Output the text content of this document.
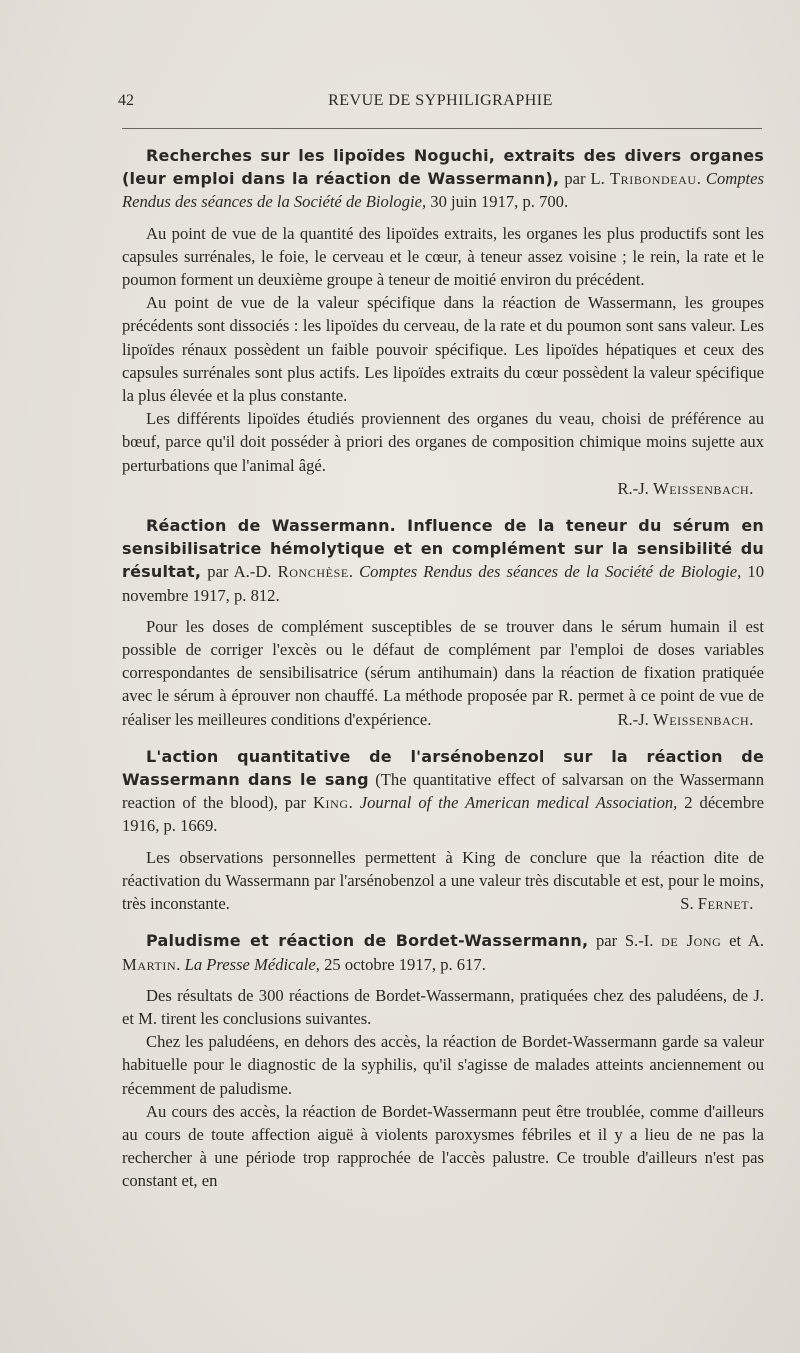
42	REVUE DE SYPHILIGRAPHIE
Recherches sur les lipoïdes Noguchi, extraits des divers organes (leur emploi dans la réaction de Wassermann), par L. Tribondeau. Comptes Rendus des séances de la Société de Biologie, 30 juin 1917, p. 700.

Au point de vue de la quantité des lipoïdes extraits, les organes les plus productifs sont les capsules surrénales, le foie, le cerveau et le cœur, à teneur assez voisine ; le rein, la rate et le poumon forment un deuxième groupe à teneur de moitié environ du précédent.

Au point de vue de la valeur spécifique dans la réaction de Wassermann, les groupes précédents sont dissociés : les lipoïdes du cerveau, de la rate et du poumon sont sans valeur. Les lipoïdes rénaux possèdent un faible pouvoir spécifique. Les lipoïdes hépatiques et ceux des capsules surrénales sont plus actifs. Les lipoïdes extraits du cœur possèdent la valeur spécifique la plus élevée et la plus constante.

Les différents lipoïdes étudiés proviennent des organes du veau, choisi de préférence au bœuf, parce qu'il doit posséder à priori des organes de composition chimique moins sujette aux perturbations que l'animal âgé.

R.-J. Weissenbach.
Réaction de Wassermann. Influence de la teneur du sérum en sensibilisatrice hémolytique et en complément sur la sensibilité du résultat, par A.-D. Ronchèse. Comptes Rendus des séances de la Société de Biologie, 10 novembre 1917, p. 812.

Pour les doses de complément susceptibles de se trouver dans le sérum humain il est possible de corriger l'excès ou le défaut de complément par l'emploi de doses variables correspondantes de sensibilisatrice (sérum antihumain) dans la réaction de fixation pratiquée avec le sérum à éprouver non chauffé. La méthode proposée par R. permet à ce point de vue de réaliser les meilleures conditions d'expérience.	R.-J. Weissenbach.

L'action quantitative de l'arsénobenzol sur la réaction de Wassermann dans le sang (The quantitative effect of salvarsan on the Wassermann reaction of the blood), par King. Journal of the American medical Association, 2 décembre 1916, p. 1669.

Les observations personnelles permettent à King de conclure que la réaction dite de réactivation du Wassermann par l'arsénobenzol a une valeur très discutable et est, pour le moins, très inconstante.	S. Fernet.

Paludisme et réaction de Bordet-Wassermann, par S.-I. de Jong et A. Martin. La Presse Médicale, 25 octobre 1917, p. 617.

Des résultats de 300 réactions de Bordet-Wassermann, pratiquées chez des paludéens, de J. et M. tirent les conclusions suivantes.

Chez les paludéens, en dehors des accès, la réaction de Bordet-Wassermann garde sa valeur habituelle pour le diagnostic de la syphilis, qu'il s'agisse de malades atteints anciennement ou récemment de paludisme.

Au cours des accès, la réaction de Bordet-Wassermann peut être troublée, comme d'ailleurs au cours de toute affection aiguë à violents paroxysmes fébriles et il y a lieu de ne pas la rechercher à une période trop rapprochée de l'accès palustre. Ce trouble d'ailleurs n'est pas constant et, en
